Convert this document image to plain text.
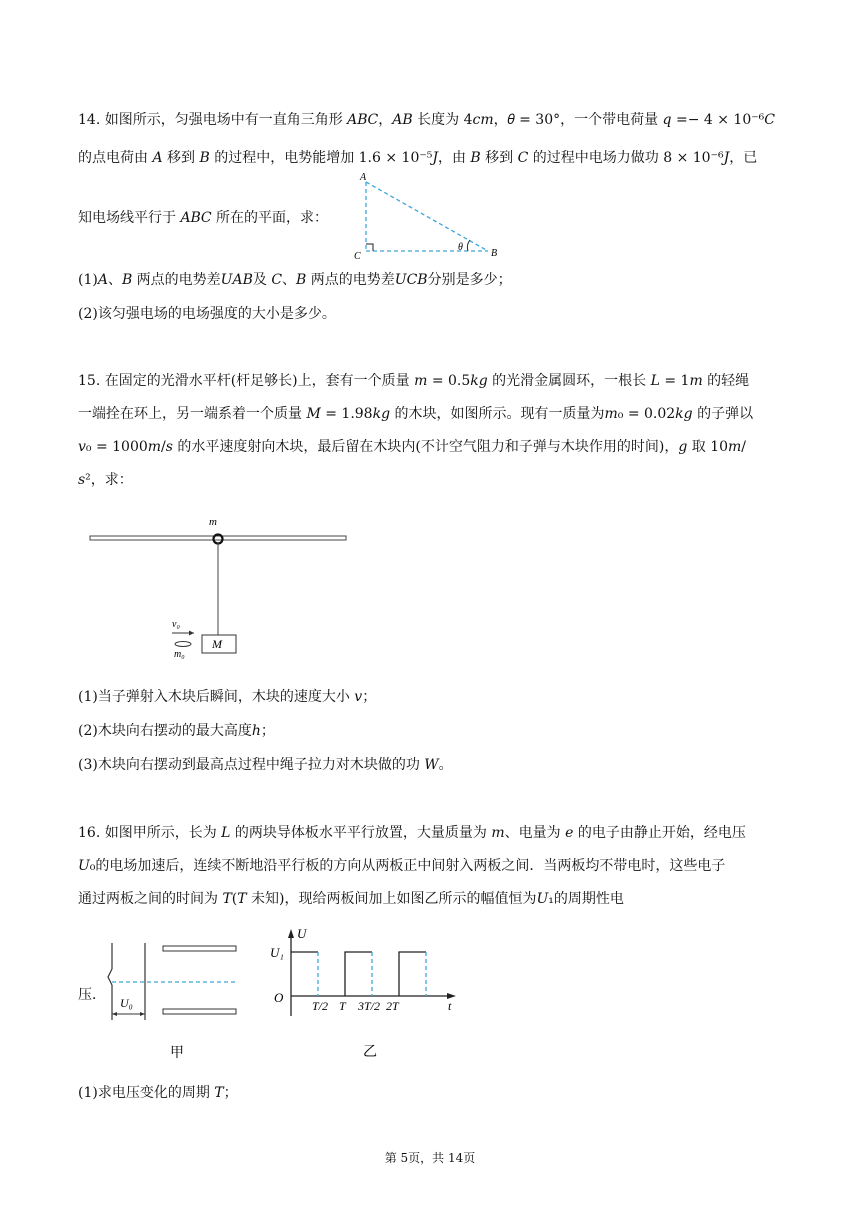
14. 如图所示，匀强电场中有一直角三角形 𝐴𝐵𝐶，𝐴𝐵 长度为 4𝑐𝑚，𝜃 = 30°，一个带电荷量 𝑞 =− 4 × 10⁻⁶𝐶
的点电荷由 𝐴 移到 𝐵 的过程中，电势能增加 1.6 × 10⁻⁵𝐽，由 𝐵 移到 𝐶 的过程中电场力做功 8 × 10⁻⁶𝐽，已
知电场线平行于 𝐴𝐵𝐶 所在的平面，求：
A
C
θ
B
(1)𝐴、𝐵 两点的电势差𝑈𝐴𝐵及 𝐶、𝐵 两点的电势差𝑈𝐶𝐵分别是多少；
(2)该匀强电场的电场强度的大小是多少。
15. 在固定的光滑水平杆(杆足够长)上，套有一个质量 𝑚 = 0.5𝑘𝑔 的光滑金属圆环，一根长 𝐿 = 1𝑚 的轻绳
一端拴在环上，另一端系着一个质量 𝑀 = 1.98𝑘𝑔 的木块，如图所示。现有一质量为𝑚₀ = 0.02𝑘𝑔 的子弹以
𝑣₀ = 1000𝑚/𝑠 的水平速度射向木块，最后留在木块内(不计空气阻力和子弹与木块作用的时间)，𝑔 取 10𝑚/
𝑠²，求：
M
m
v₀
m₀
(1)当子弹射入木块后瞬间，木块的速度大小 𝑣；
(2)木块向右摆动的最大高度ℎ；
(3)木块向右摆动到最高点过程中绳子拉力对木块做的功 𝑊。
16. 如图甲所示，长为 𝐿 的两块导体板水平平行放置，大量质量为 𝑚、电量为 𝑒 的电子由静止开始，经电压
𝑈₀的电场加速后，连续不断地沿平行板的方向从两板正中间射入两板之间．当两板均不带电时，这些电子
通过两板之间的时间为 𝑇(𝑇 未知)，现给两板间加上如图乙所示的幅值恒为𝑈₁的周期性电
压． U₀
甲
U
U₁
O
t
T/2 T 3T/2 2T
乙
(1)求电压变化的周期 𝑇；
第 5页，共 14页
